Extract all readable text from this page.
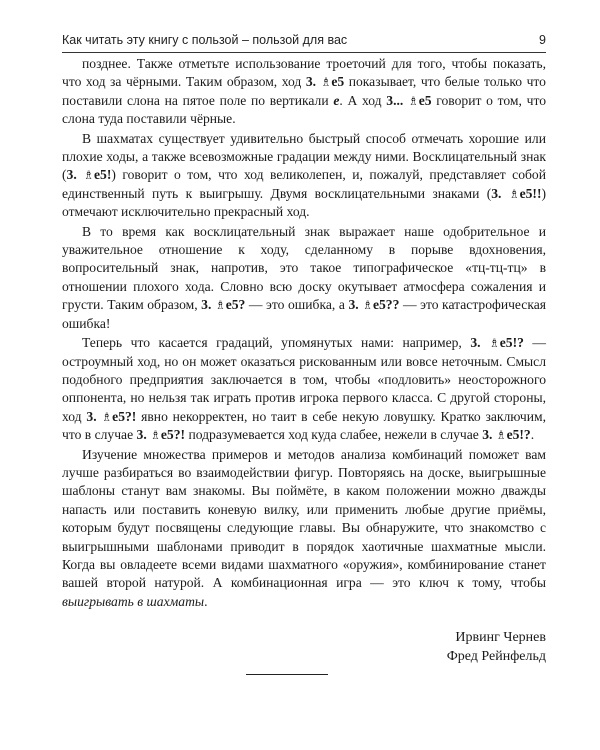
Как читать эту книгу с пользой – пользой для вас	9

позднее. Также отметьте использование троеточий для того, чтобы показать, что ход за чёрными. Таким образом, ход 3. ♗e5 показывает, что белые только что поставили слона на пятое поле по вертикали e. А ход 3... ♗e5 говорит о том, что слона туда поставили чёрные.

В шахматах существует удивительно быстрый способ отмечать хорошие или плохие ходы, а также всевозможные градации между ними. Восклицательный знак (3. ♗e5!) говорит о том, что ход великолепен, и, пожалуй, представляет собой единственный путь к выигрышу. Двумя восклицательными знаками (3. ♗e5!!) отмечают исключительно прекрасный ход.

В то время как восклицательный знак выражает наше одобрительное и уважительное отношение к ходу, сделанному в порыве вдохновения, вопросительный знак, напротив, это такое типографическое «тц-тц-тц» в отношении плохого хода. Словно всю доску окутывает атмосфера сожаления и грусти. Таким образом, 3. ♗e5? — это ошибка, а 3. ♗e5?? — это катастрофическая ошибка!

Теперь что касается градаций, упомянутых нами: например, 3. ♗e5!? — остроумный ход, но он может оказаться рискованным или вовсе неточным. Смысл подобного предприятия заключается в том, чтобы «подловить» неосторожного оппонента, но нельзя так играть против игрока первого класса. С другой стороны, ход 3. ♗e5?! явно некорректен, но таит в себе некую ловушку. Кратко заключим, что в случае 3. ♗e5?! подразумевается ход куда слабее, нежели в случае 3. ♗e5!?.

Изучение множества примеров и методов анализа комбинаций поможет вам лучше разбираться во взаимодействии фигур. Повторяясь на доске, выигрышные шаблоны станут вам знакомы. Вы поймёте, в каком положении можно дважды напасть или поставить коневую вилку, или применить любые другие приёмы, которым будут посвящены следующие главы. Вы обнаружите, что знакомство с выигрышными шаблонами приводит в порядок хаотичные шахматные мысли. Когда вы овладеете всеми видами шахматного «оружия», комбинирование станет вашей второй натурой. А комбинационная игра — это ключ к тому, чтобы выигрывать в шахматы.

Ирвинг Чернев
Фред Рейнфельд
